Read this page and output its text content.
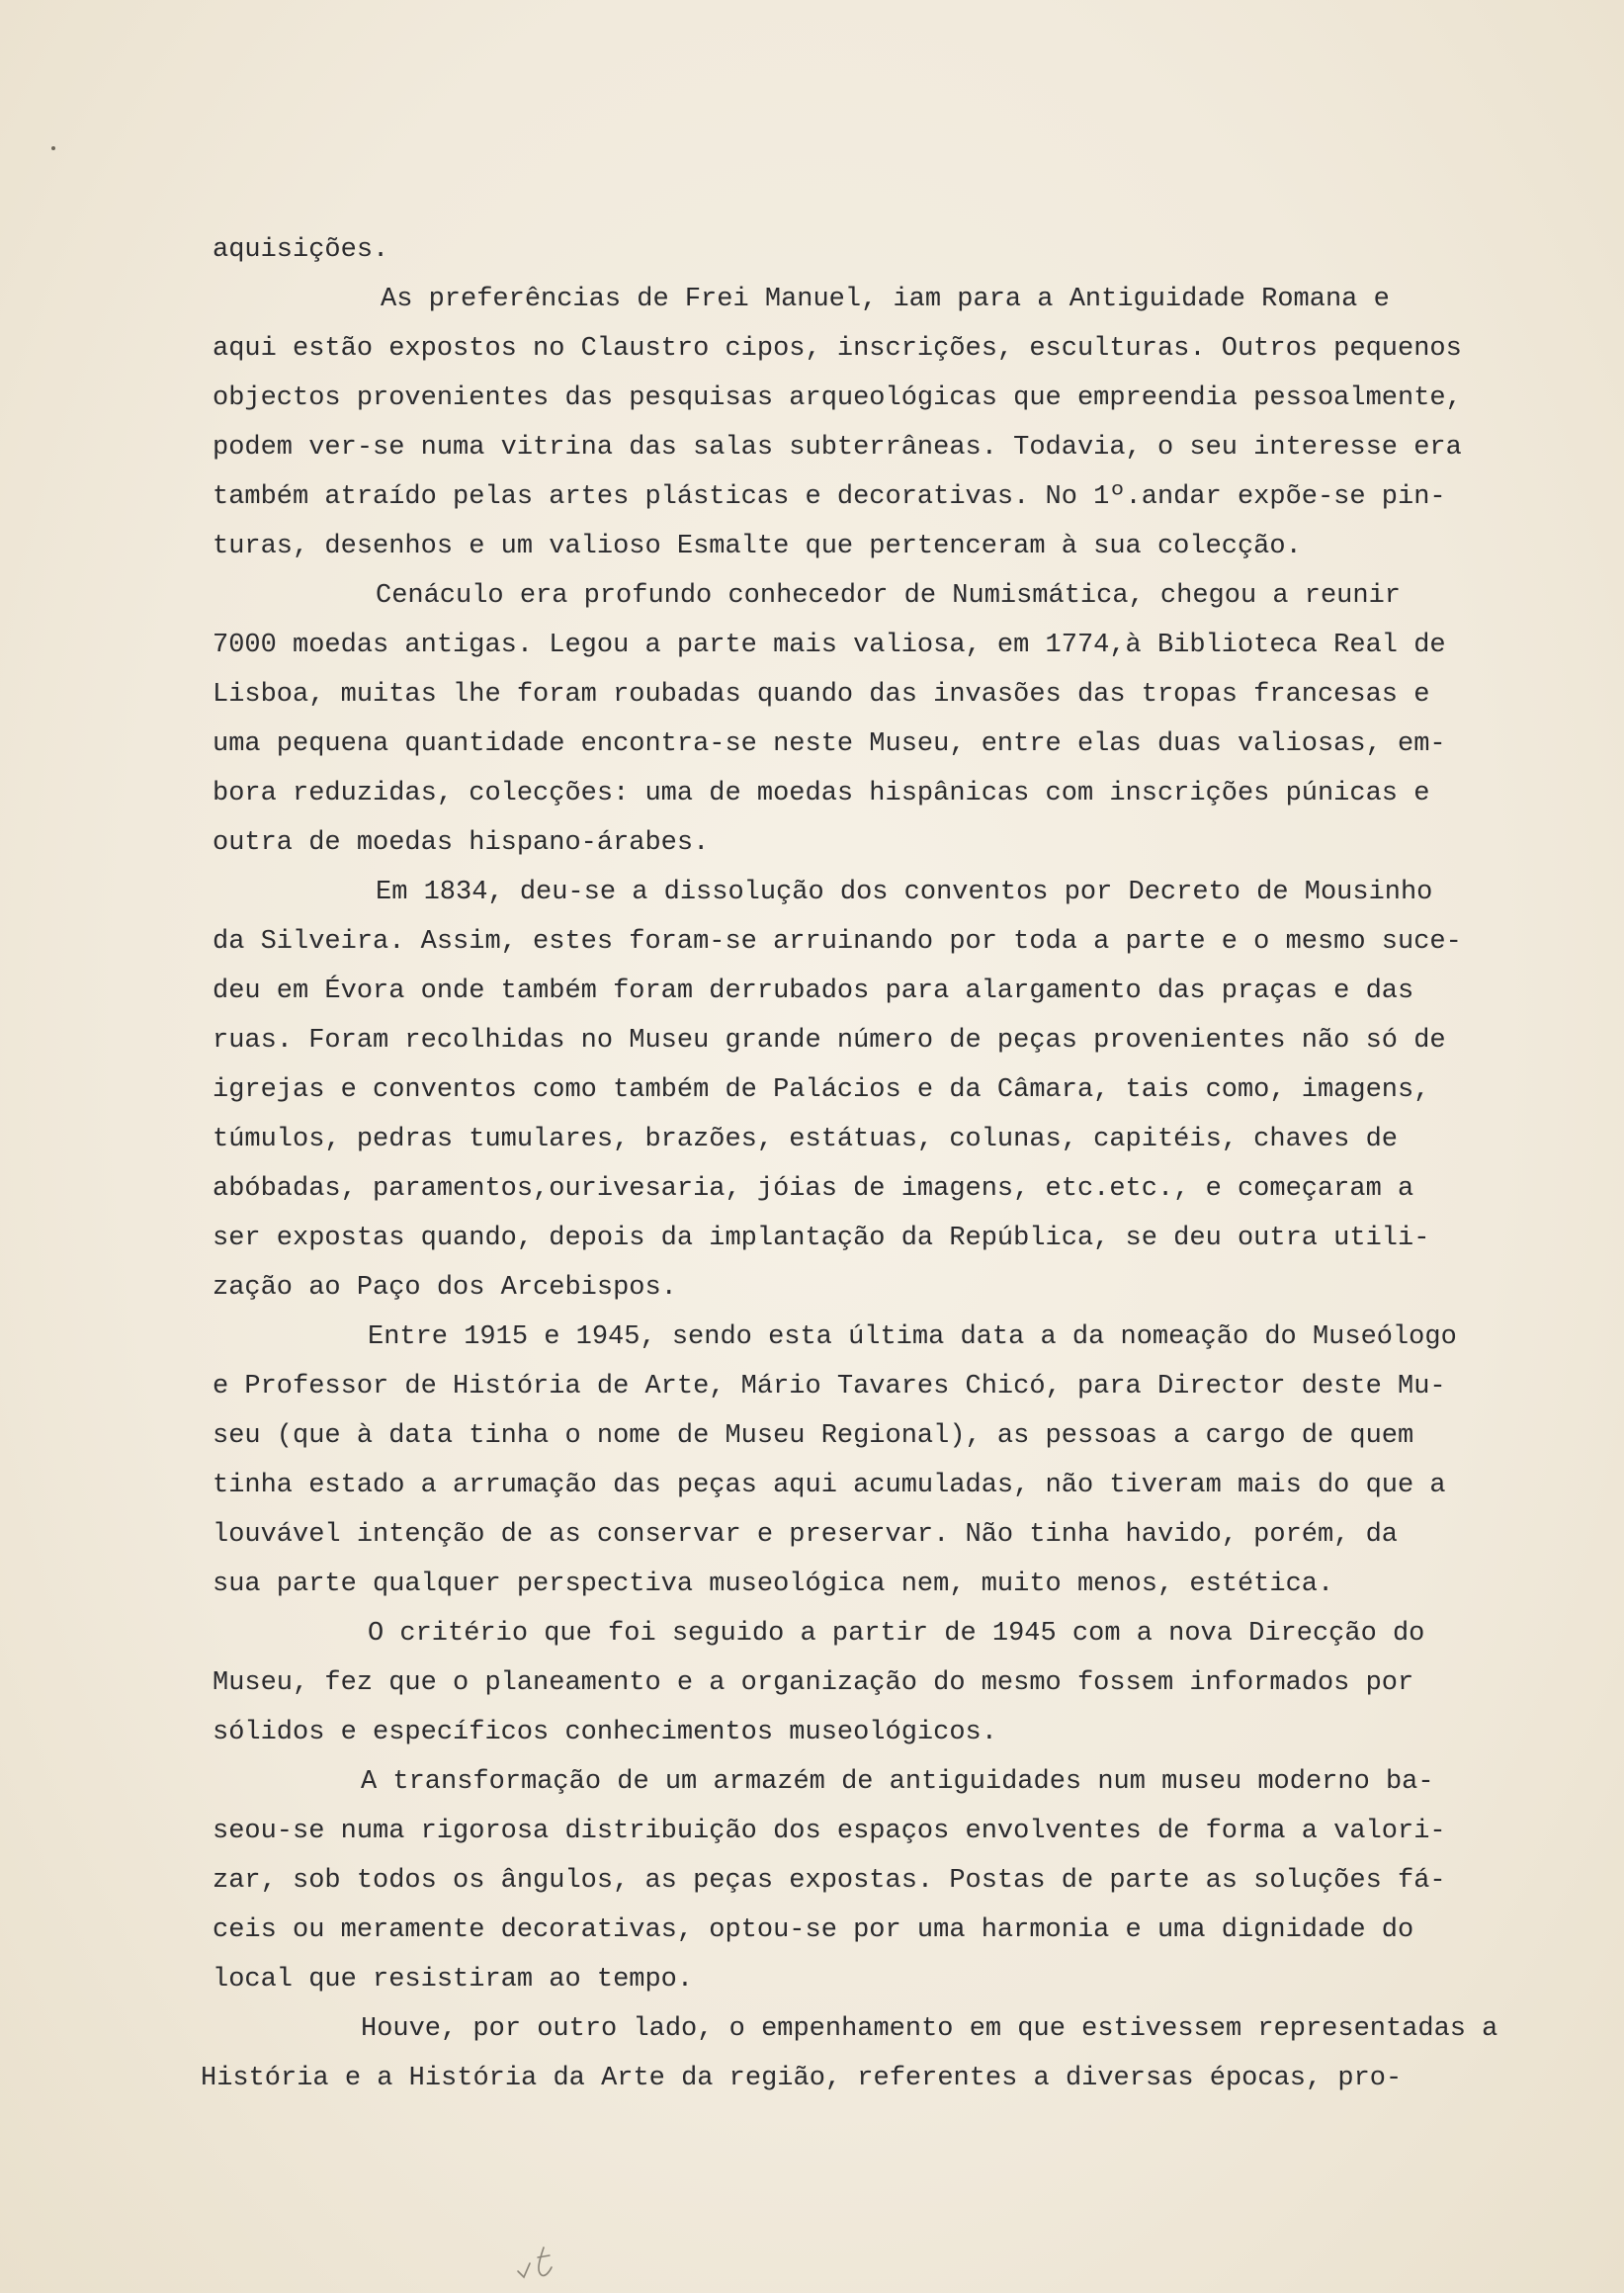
aquisições.
As preferências de Frei Manuel, iam para a Antiguidade Romana e
aqui estão expostos no Claustro cipos, inscrições, esculturas. Outros pequenos
objectos provenientes das pesquisas arqueológicas que empreendia pessoalmente,
podem ver-se numa vitrina das salas subterrâneas. Todavia, o seu interesse era
também atraído pelas artes plásticas e decorativas. No 1º.andar expõe-se pin-
turas, desenhos e um valioso Esmalte que pertenceram à sua colecção.
Cenáculo era profundo conhecedor de Numismática, chegou a reunir
7000 moedas antigas. Legou a parte mais valiosa, em 1774,à Biblioteca Real de
Lisboa, muitas lhe foram roubadas quando das invasões das tropas francesas e
uma pequena quantidade encontra-se neste Museu, entre elas duas valiosas, em-
bora reduzidas, colecções: uma de moedas hispânicas com inscrições púnicas e
outra de moedas hispano-árabes.
Em 1834, deu-se a dissolução dos conventos por Decreto de Mousinho
da Silveira. Assim, estes foram-se arruinando por toda a parte e o mesmo suce-
deu em Évora onde também foram derrubados para alargamento das praças e das
ruas. Foram recolhidas no Museu grande número de peças provenientes não só de
igrejas e conventos como também de Palácios e da Câmara, tais como, imagens,
túmulos, pedras tumulares, brazões, estátuas, colunas, capitéis, chaves de
abóbadas, paramentos,ourivesaria, jóias de imagens, etc.etc., e começaram a
ser expostas quando, depois da implantação da República, se deu outra utili-
zação ao Paço dos Arcebispos.
Entre 1915 e 1945, sendo esta última data a da nomeação do Museólogo
e Professor de História de Arte, Mário Tavares Chicó, para Director deste Mu-
seu (que à data tinha o nome de Museu Regional), as pessoas a cargo de quem
tinha estado a arrumação das peças aqui acumuladas, não tiveram mais do que a
louvável intenção de as conservar e preservar. Não tinha havido, porém, da
sua parte qualquer perspectiva museológica nem, muito menos, estética.
O critério que foi seguido a partir de 1945 com a nova Direcção do
Museu, fez que o planeamento e a organização do mesmo fossem informados por
sólidos e específicos conhecimentos museológicos.
A transformação de um armazém de antiguidades num museu moderno ba-
seou-se numa rigorosa distribuição dos espaços envolventes de forma a valori-
zar, sob todos os ângulos, as peças expostas. Postas de parte as soluções fá-
ceis ou meramente decorativas, optou-se por uma harmonia e uma dignidade do
local que resistiram ao tempo.
Houve, por outro lado, o empenhamento em que estivessem representadas a
História e a História da Arte da região, referentes a diversas épocas, pro-
